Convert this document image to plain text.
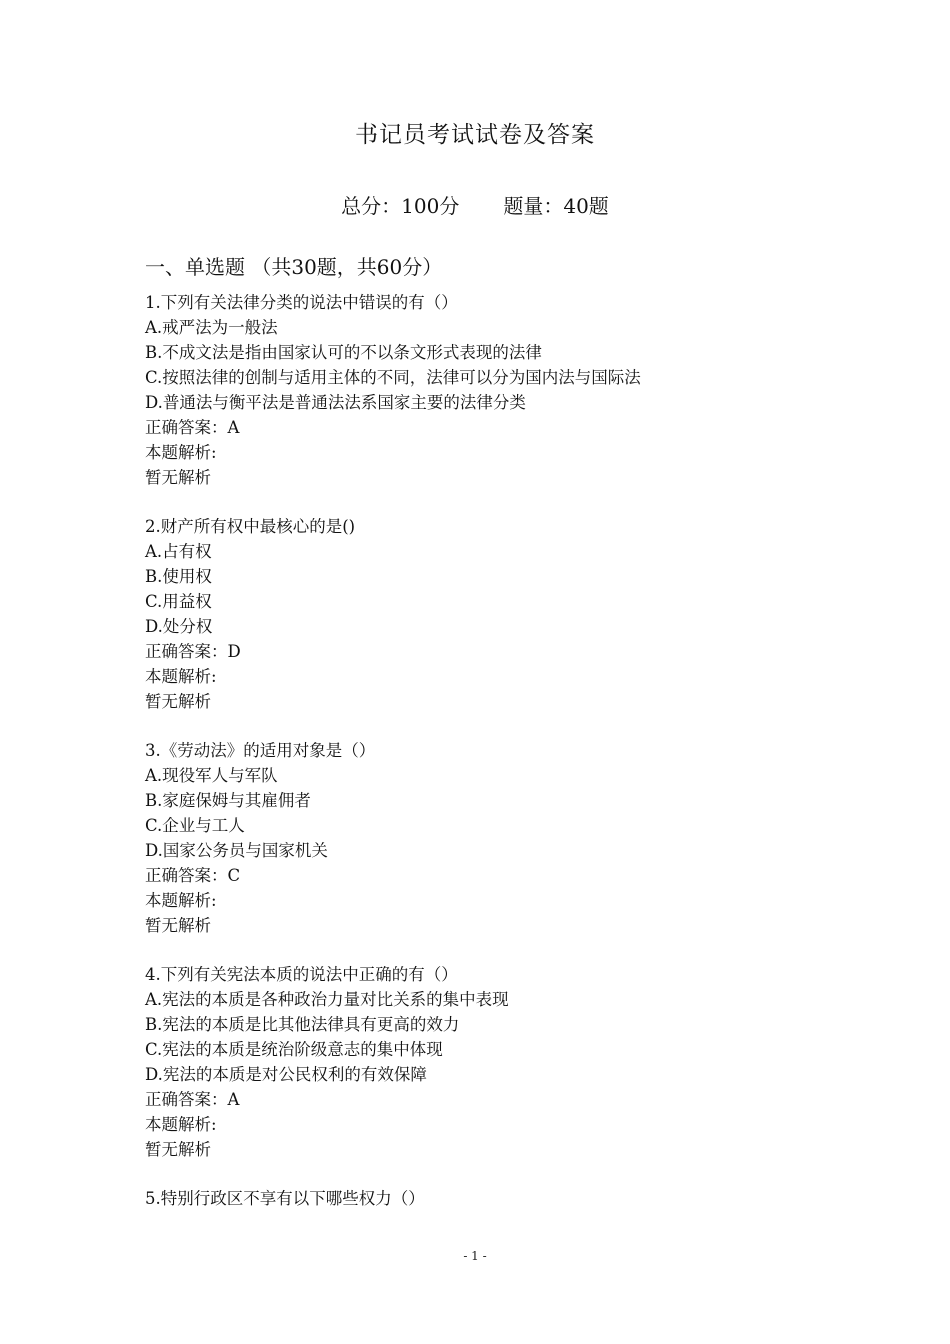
书记员考试试卷及答案
总分：100分 题量：40题
一、单选题 （共30题，共60分）
1.下列有关法律分类的说法中错误的有（）
A.戒严法为一般法
B.不成文法是指由国家认可的不以条文形式表现的法律
C.按照法律的创制与适用主体的不同，法律可以分为国内法与国际法
D.普通法与衡平法是普通法法系国家主要的法律分类
正确答案：A
本题解析:
暂无解析
2.财产所有权中最核心的是()
A.占有权
B.使用权
C.用益权
D.处分权
正确答案：D
本题解析:
暂无解析
3.《劳动法》的适用对象是（）
A.现役军人与军队
B.家庭保姆与其雇佣者
C.企业与工人
D.国家公务员与国家机关
正确答案：C
本题解析:
暂无解析
4.下列有关宪法本质的说法中正确的有（）
A.宪法的本质是各种政治力量对比关系的集中表现
B.宪法的本质是比其他法律具有更高的效力
C.宪法的本质是统治阶级意志的集中体现
D.宪法的本质是对公民权利的有效保障
正确答案：A
本题解析:
暂无解析
5.特别行政区不享有以下哪些权力（）
- 1 -
